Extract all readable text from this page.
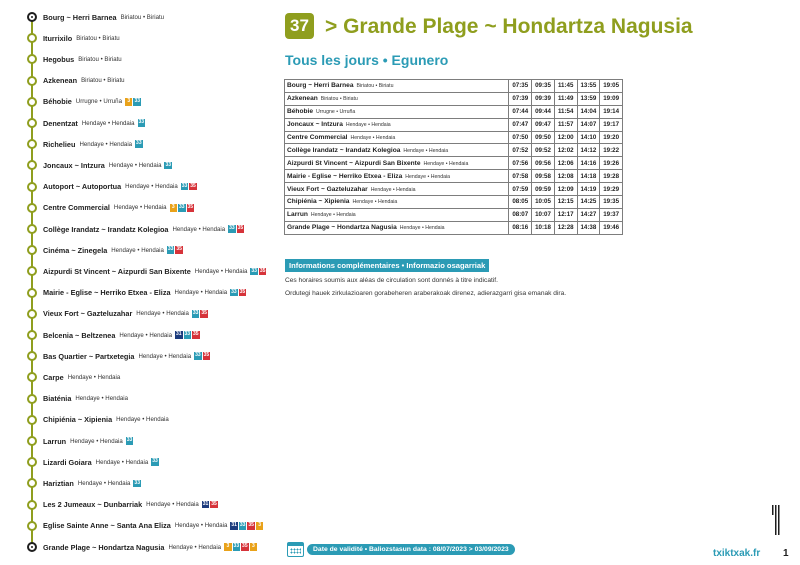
Bourg ~ Herri Barnea Biriatou • Biriatu
Iturrixilo Biriatou • Biriatu
Hegobus Biriatou • Biriatu
Azkenean Biriatou • Biriatu
Béhobie Urrugne • Urruña	3 33
Denentzat Hendaye • Hendaia 33
Richelieu Hendaye • Hendaia 33
Joncaux ~ Intzura Hendaye • Hendaia 33
Autoport ~ Autoportua Hendaye • Hendaia 33 35
Centre Commercial Hendaye • Hendaia	3 33 35
Collège Irandatz ~ Irandatz Kolegioa Hendaye • Hendaia 33 35
Cinéma ~ Zinegela Hendaye • Hendaia 33 35
Aizpurdi St Vincent ~ Aizpurdi San Bixente Hendaye • Hendaia 33 35
Mairie - Eglise ~ Herriko Etxea - Eliza Hendaye • Hendaia 33 35
Vieux Fort ~ Gazteluzahar Hendaye • Hendaia 33 35
Belcenia ~ Beltzenea Hendaye • Hendaia 31 33 35
Bas Quartier ~ Partxetegia Hendaye • Hendaia 33 35
Carpe Hendaye • Hendaia
Biaténia Hendaye • Hendaia
Chipiénia ~ Xipienia Hendaye • Hendaia
Larrun Hendaye • Hendaia 33
Lizardi Goiara Hendaye • Hendaia 33
Hariztian Hendaye • Hendaia 33
Les 2 Jumeaux ~ Dunbarriak Hendaye • Hendaia 31 35
Eglise Sainte Anne ~ Santa Ana Eliza Hendaye • Hendaia 31 33 35 3
Grande Plage ~ Hondartza Nagusia Hendaye • Hendaia	3 33 35 3
37 > Grande Plage ~ Hondartza Nagusia
Tous les jours • Egunero
Bourg ~ Herri Barnea Biriatou • Biriatu	07:35	09:35	11:45	13:55	19:05
Azkenean Biriatou • Biriatu	07:39	09:39	11:49	13:59	19:09
Béhobie Urrugne • Urruña	07:44	09:44	11:54	14:04	19:14
Joncaux ~ Intzura Hendaye • Hendaia	07:47	09:47	11:57	14:07	19:17
Centre Commercial Hendaye • Hendaia	07:50	09:50	12:00	14:10	19:20
Collège Irandatz ~ Irandatz Kolegioa Hendaye • Hendaia	07:52	09:52	12:02	14:12	19:22
Aizpurdi St Vincent ~ Aizpurdi San Bixente Hendaye • Hendaia	07:56	09:56	12:06	14:16	19:26
Mairie - Eglise ~ Herriko Etxea - Eliza Hendaye • Hendaia	07:58	09:58	12:08	14:18	19:28
Vieux Fort ~ Gazteluzahar Hendaye • Hendaia	07:59	09:59	12:09	14:19	19:29
Chipiénia ~ Xipienia Hendaye • Hendaia	08:05	10:05	12:15	14:25	19:35
Larrun Hendaye • Hendaia	08:07	10:07	12:17	14:27	19:37
Grande Plage ~ Hondartza Nagusia Hendaye • Hendaia	08:16	10:18	12:28	14:38	19:46
Informations complémentaires • Informazio osagarriak
Ces horaires soumis aux aléas de circulation sont donnés à titre indicatif.
Ordutegi hauek zirkulazioaren gorabeheren araberakoak direnez, adierazgarri gisa emanak dira.
Date de validité • Baliozstasun data : 08/07/2023 > 03/09/2023	txiktxak.fr 1
